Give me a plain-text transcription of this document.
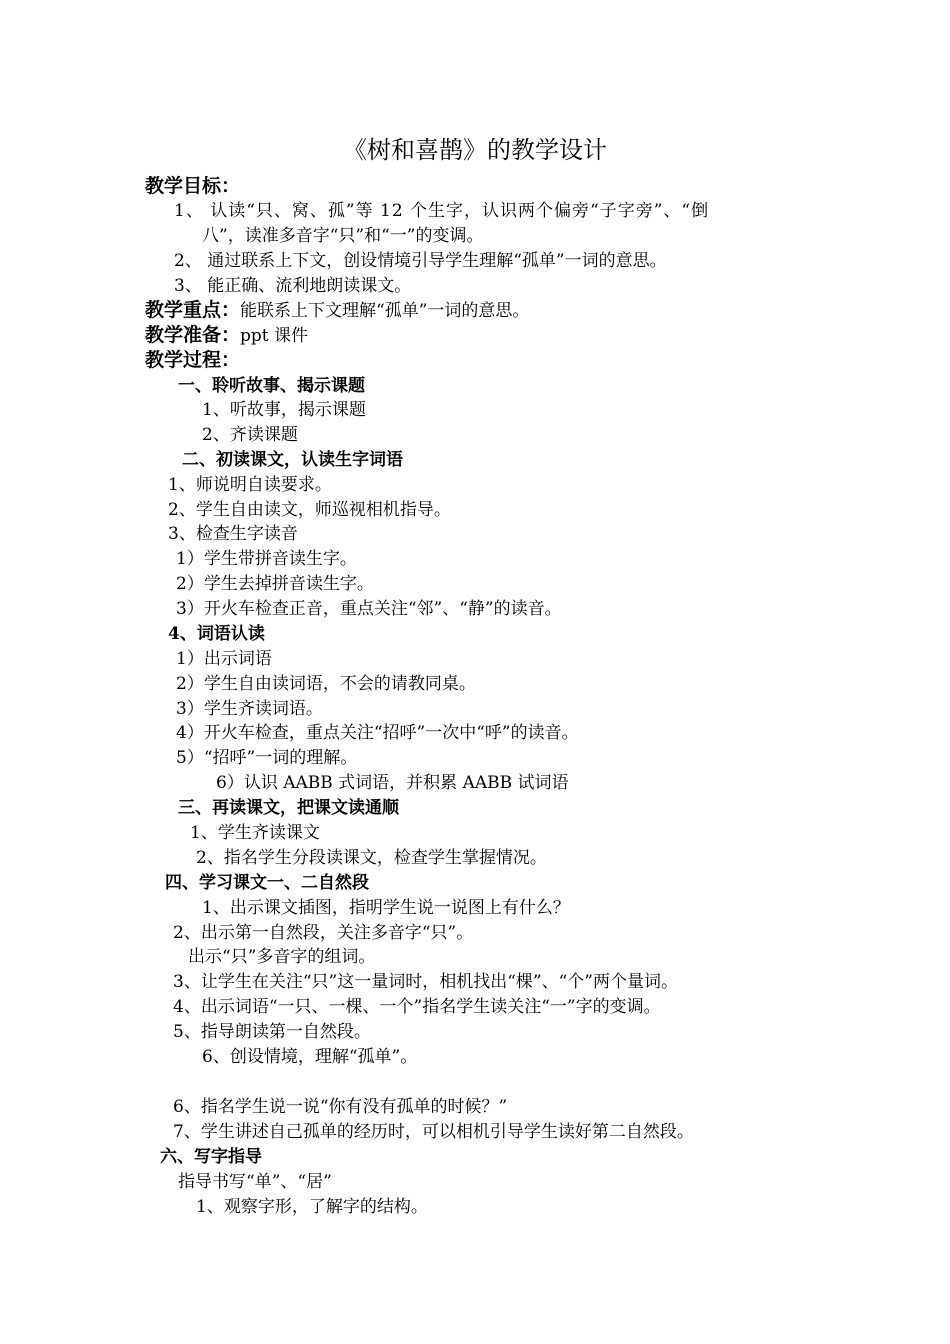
《树和喜鹊》的教学设计
教学目标：
1、 认读“只、窝、孤”等 12 个生字，认识两个偏旁“子字旁”、“倒
八”，读准多音字“只”和“一”的变调。
2、 通过联系上下文，创设情境引导学生理解“孤单”一词的意思。
3、 能正确、流利地朗读课文。
教学重点：能联系上下文理解“孤单”一词的意思。
教学准备：ppt 课件
教学过程：
一、聆听故事、揭示课题
1、听故事，揭示课题
2、齐读课题
二、初读课文，认读生字词语
1、师说明自读要求。
2、学生自由读文，师巡视相机指导。
3、检查生字读音
1）学生带拼音读生字。
2）学生去掉拼音读生字。
3）开火车检查正音，重点关注“邻”、“静”的读音。
4、词语认读
1）出示词语
2）学生自由读词语，不会的请教同桌。
3）学生齐读词语。
4）开火车检查，重点关注“招呼”一次中“呼”的读音。
5）“招呼”一词的理解。
6）认识 AABB 式词语，并积累 AABB 试词语
三、再读课文，把课文读通顺
1、学生齐读课文
2、指名学生分段读课文，检查学生掌握情况。
四、学习课文一、二自然段
1、出示课文插图，指明学生说一说图上有什么？
2、出示第一自然段，关注多音字“只”。
出示“只”多音字的组词。
3、让学生在关注“只”这一量词时，相机找出“棵”、“个”两个量词。
4、出示词语“一只、一棵、一个”指名学生读关注“一”字的变调。
5、指导朗读第一自然段。
6、创设情境，理解“孤单”。
6、指名学生说一说“你有没有孤单的时候？”
7、学生讲述自己孤单的经历时，可以相机引导学生读好第二自然段。
六、写字指导
指导书写“单”、“居”
1、观察字形，了解字的结构。
